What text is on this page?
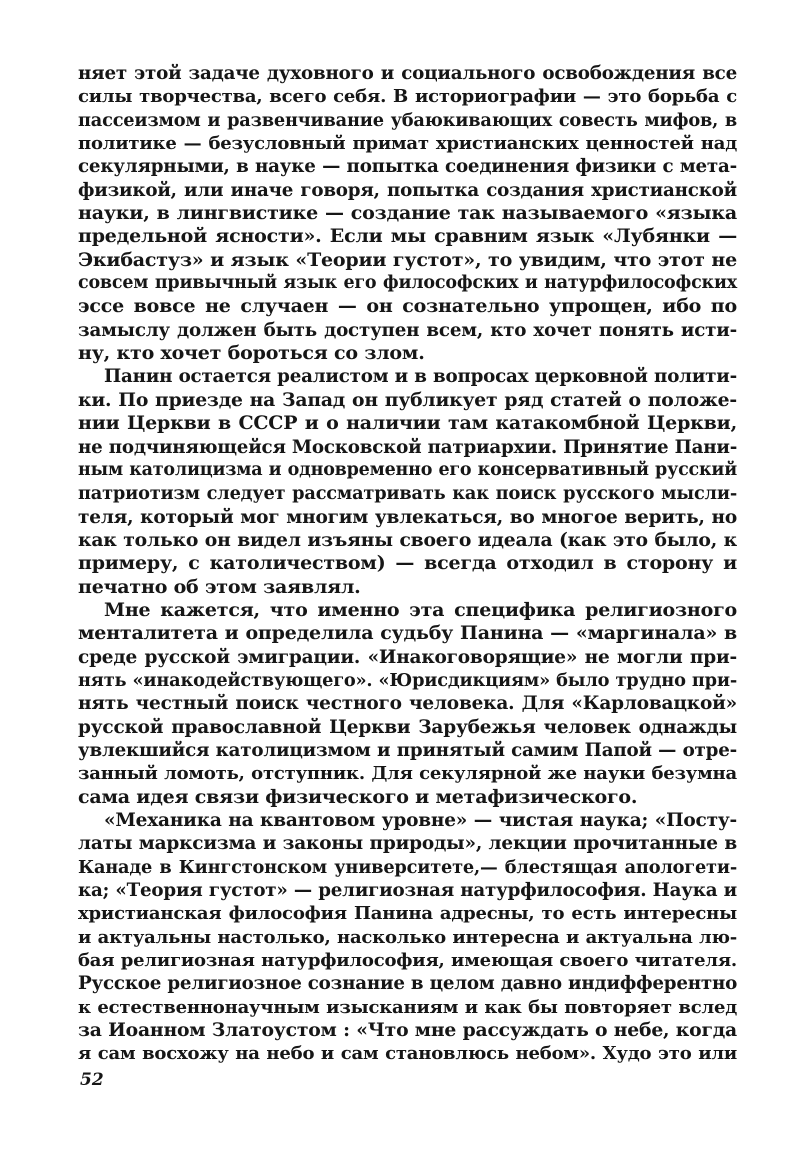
няет этой задаче духовного и социального освобождения все
силы творчества, всего себя. В историографии — это борьба с
пассеизмом и развенчивание убаюкивающих совесть мифов, в
политике — безусловный примат христианских ценностей над
секулярными, в науке — попытка соединения физики с мета-
физикой, или иначе говоря, попытка создания христианской
науки, в лингвистике — создание так называемого «языка
предельной ясности». Если мы сравним язык «Лубянки —
Экибастуз» и язык «Теории густот», то увидим, что этот не
совсем привычный язык его философских и натурфилософских
эссе вовсе не случаен — он сознательно упрощен, ибо по
замыслу должен быть доступен всем, кто хочет понять исти-
ну, кто хочет бороться со злом.
Панин остается реалистом и в вопросах церковной полити-
ки. По приезде на Запад он публикует ряд статей о положе-
нии Церкви в СССР и о наличии там катакомбной Церкви,
не подчиняющейся Московской патриархии. Принятие Пани-
ным католицизма и одновременно его консервативный русский
патриотизм следует рассматривать как поиск русского мысли-
теля, который мог многим увлекаться, во многое верить, но
как только он видел изъяны своего идеала (как это было, к
примеру, с католичеством) — всегда отходил в сторону и
печатно об этом заявлял.
Мне кажется, что именно эта специфика религиозного
менталитета и определила судьбу Панина — «маргинала» в
среде русской эмиграции. «Инакоговорящие» не могли при-
нять «инакодействующего». «Юрисдикциям» было трудно при-
нять честный поиск честного человека. Для «Карловацкой»
русской православной Церкви Зарубежья человек однажды
увлекшийся католицизмом и принятый самим Папой — отре-
занный ломоть, отступник. Для секулярной же науки безумна
сама идея связи физического и метафизического.
«Механика на квантовом уровне» — чистая наука; «Посту-
латы марксизма и законы природы», лекции прочитанные в
Канаде в Кингстонском университете,— блестящая апологети-
ка; «Теория густот» — религиозная натурфилософия. Наука и
христианская философия Панина адресны, то есть интересны
и актуальны настолько, насколько интересна и актуальна лю-
бая религиозная натурфилософия, имеющая своего читателя.
Русское религиозное сознание в целом давно индифферентно
к естественнонаучным изысканиям и как бы повторяет вслед
за Иоанном Златоустом : «Что мне рассуждать о небе, когда
я сам восхожу на небо и сам становлюсь небом». Худо это или
52
